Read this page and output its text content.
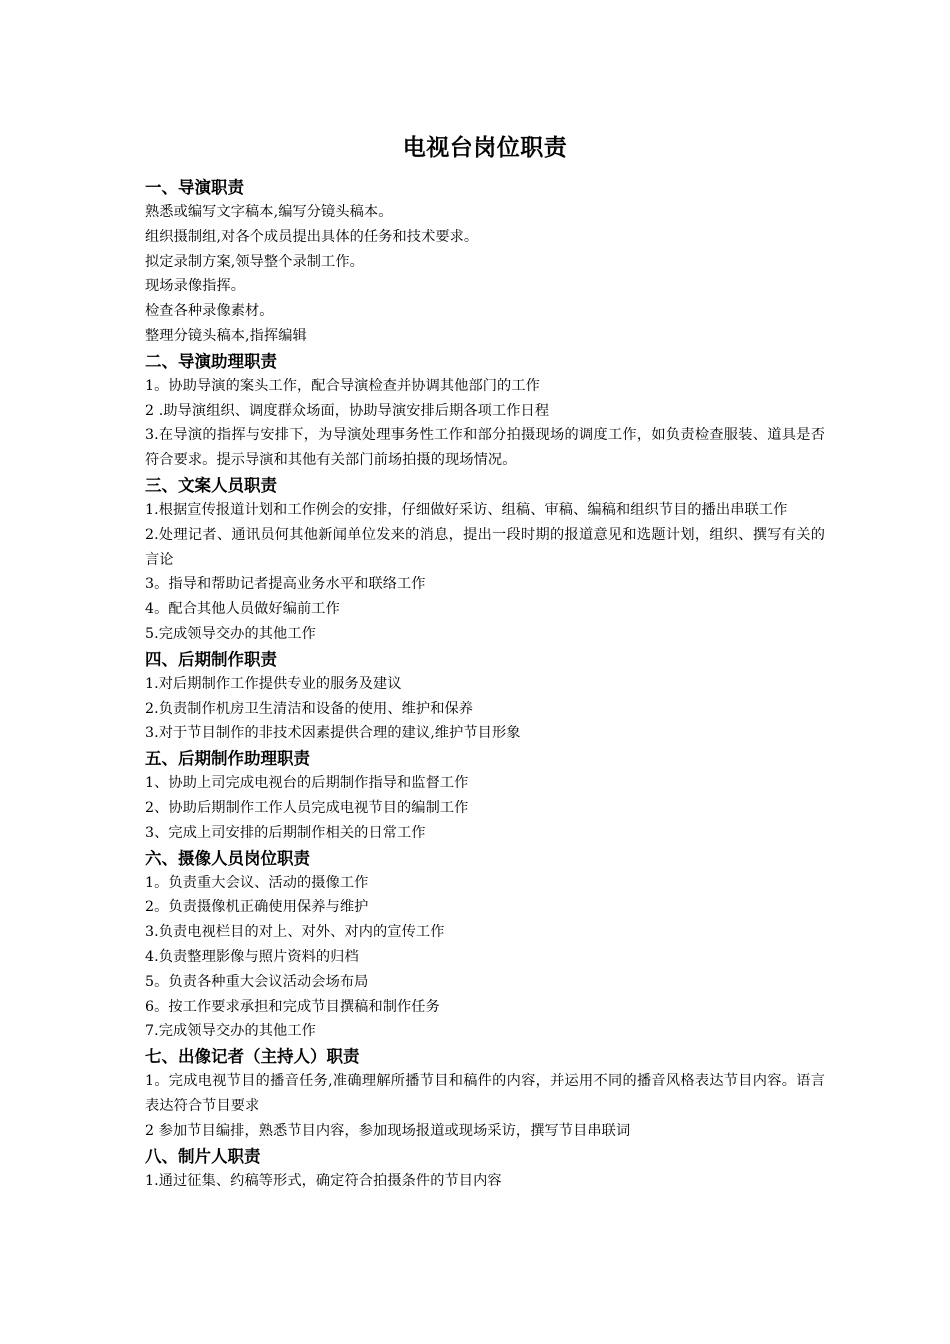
电视台岗位职责
一、导演职责
熟悉或编写文字稿本,编写分镜头稿本。
组织摄制组,对各个成员提出具体的任务和技术要求。
拟定录制方案,领导整个录制工作。
现场录像指挥。
检查各种录像素材。
整理分镜头稿本,指挥编辑
二、导演助理职责
1。协助导演的案头工作，配合导演检查并协调其他部门的工作
2 .助导演组织、调度群众场面，协助导演安排后期各项工作日程
3.在导演的指挥与安排下，为导演处理事务性工作和部分拍摄现场的调度工作，如负责检查服装、道具是否符合要求。提示导演和其他有关部门前场拍摄的现场情况。
三、文案人员职责
1.根据宣传报道计划和工作例会的安排，仔细做好采访、组稿、审稿、编稿和组织节目的播出串联工作
2.处理记者、通讯员何其他新闻单位发来的消息，提出一段时期的报道意见和选题计划，组织、撰写有关的言论
3。指导和帮助记者提高业务水平和联络工作
4。配合其他人员做好编前工作
5.完成领导交办的其他工作
四、后期制作职责
1.对后期制作工作提供专业的服务及建议
2.负责制作机房卫生清洁和设备的使用、维护和保养
3.对于节目制作的非技术因素提供合理的建议,维护节目形象
五、后期制作助理职责
1、协助上司完成电视台的后期制作指导和监督工作
2、协助后期制作工作人员完成电视节目的编制工作
3、完成上司安排的后期制作相关的日常工作
六、摄像人员岗位职责
1。负责重大会议、活动的摄像工作
2。负责摄像机正确使用保养与维护
3.负责电视栏目的对上、对外、对内的宣传工作
4.负责整理影像与照片资料的归档
5。负责各种重大会议活动会场布局
6。按工作要求承担和完成节目撰稿和制作任务
7.完成领导交办的其他工作
七、出像记者（主持人）职责
1。完成电视节目的播音任务,准确理解所播节目和稿件的内容，并运用不同的播音风格表达节目内容。语言表达符合节目要求
2 参加节目编排，熟悉节目内容，参加现场报道或现场采访，撰写节目串联词
八、制片人职责
1.通过征集、约稿等形式，确定符合拍摄条件的节目内容
